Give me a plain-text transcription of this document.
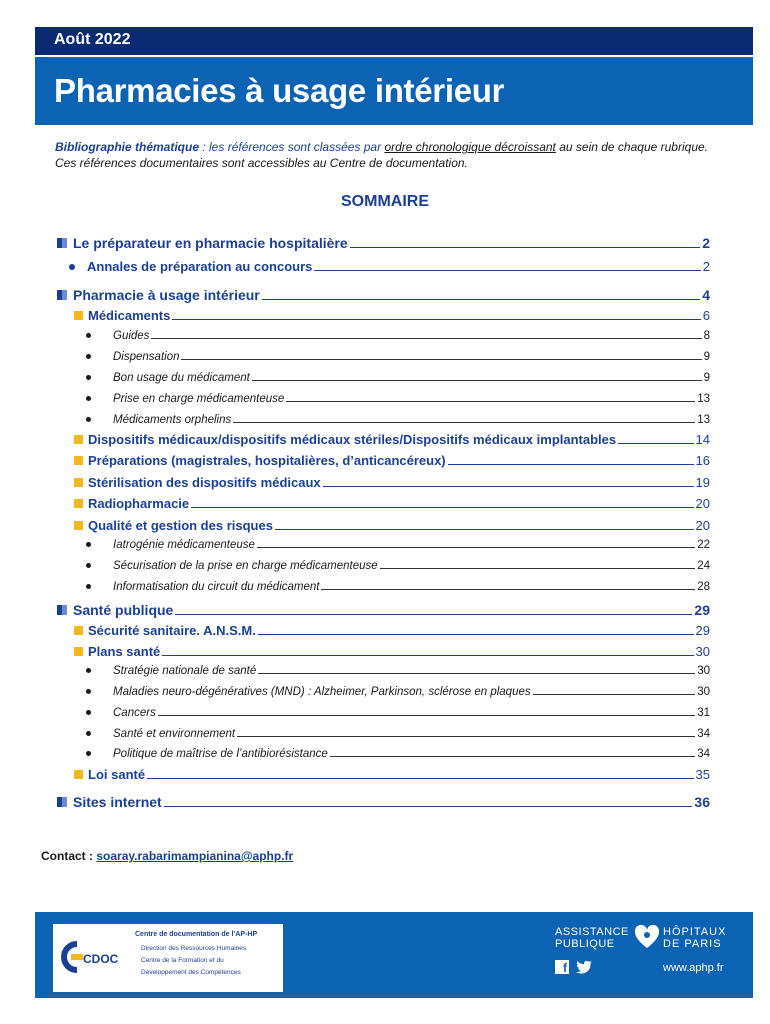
Août 2022
Pharmacies à usage intérieur
Bibliographie thématique : les références sont classées par ordre chronologique décroissant au sein de chaque rubrique. Ces références documentaires sont accessibles au Centre de documentation.
SOMMAIRE
Le préparateur en pharmacie hospitalière	2
Annales de préparation au concours	2
Pharmacie à usage intérieur	4
Médicaments	6
Guides	8
Dispensation	9
Bon usage du médicament	9
Prise en charge médicamenteuse	13
Médicaments orphelins	13
Dispositifs médicaux/dispositifs médicaux stériles/Dispositifs médicaux implantables	14
Préparations (magistrales, hospitalières, d’anticancéreux)	16
Stérilisation des dispositifs médicaux	19
Radiopharmacie	20
Qualité et gestion des risques	20
Iatrogénie médicamenteuse	22
Sécurisation de la prise en charge médicamenteuse	24
Informatisation du circuit du médicament	28
Santé publique	29
Sécurité sanitaire. A.N.S.M.	29
Plans santé	30
Stratégie nationale de santé	30
Maladies neuro-dégénératives (MND) : Alzheimer, Parkinson, sclérose en plaques	30
Cancers	31
Santé et environnement	34
Politique de maîtrise de l’antibiorésistance	34
Loi santé	35
Sites internet	36
Contact : soaray.rabarimampianina@aphp.fr
CDOC
Centre de documentation de l’AP-HP
Direction des Ressources Humaines
Centre de la Formation et du
Développement des Compétences
ASSISTANCE
PUBLIQUE
HÔPITAUX
DE PARIS
f	www.aphp.fr
